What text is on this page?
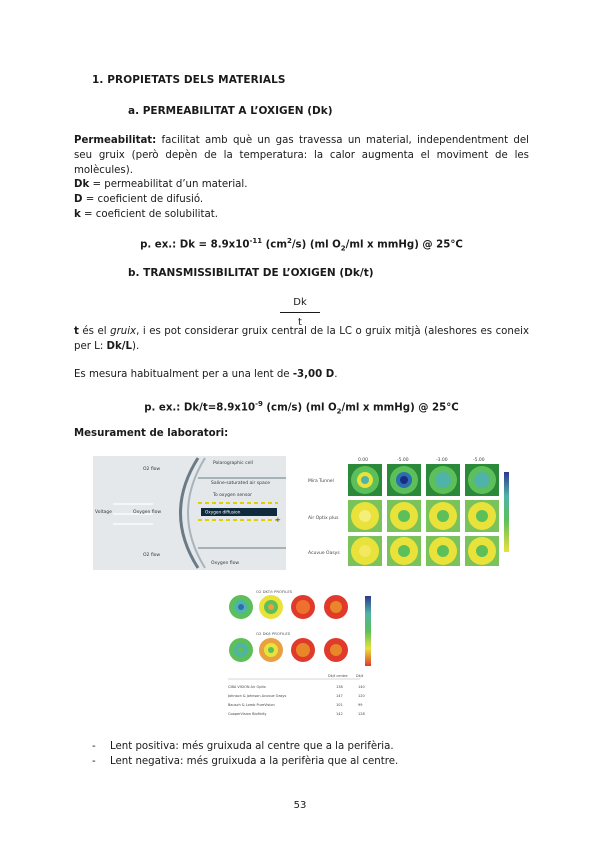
1. PROPIETATS DELS MATERIALS
a. PERMEABILITAT A L’OXIGEN (Dk)
Permeabilitat: facilitat amb què un gas travessa un material, independentment del seu gruix (però depèn de la temperatura: la calor augmenta el moviment de les molècules).
Dk = permeabilitat d’un material.
D = coeficient de difusió.
k = coeficient de solubilitat.
p. ex.: $Dk = 8.9x10^{-11}$ $(cm^2/s)$ (ml $O_2/ml$ x mmHg) @ 25°C
b. TRANSMISSIBILITAT DE L’OXIGEN (Dk/t)
Dk
t
t és el gruix, i es pot considerar gruix central de la LC o gruix mitjà (aleshores es coneix per L: Dk/L).
Es mesura habitualment per a una lent de -3,00 D.
p. ex.: $Dk/t=8.9x10^{-9}$ (cm/s) (ml $O_2/ml$ x mmHg) @ 25°C
Mesurament de laboratori:
Polarographic cell
Saline-saturated air space
To oxygen sensor
Oxygen diffusion
Oxygen flow
Voltage
O2 flow
O2 flow
Oxygen flow
+
0.00	-5.00	-3.00	-5.00
Mira Tunnel
Air Optix plus
Acuvue Oasys
O2 DKT/t PROFILES
O2 DK/t PROFILES
Dk/t centre Dk/t
CIBA VISION Air Optix	138	140
Johnson & Johnson Acuvue Oasys	147	120
Bausch & Lomb PureVision	101	99
CooperVision Biofinity	142	128
- Lent positiva: més gruixuda al centre que a la perifèria.
- Lent negativa: més gruixuda a la perifèria que al centre.
53
